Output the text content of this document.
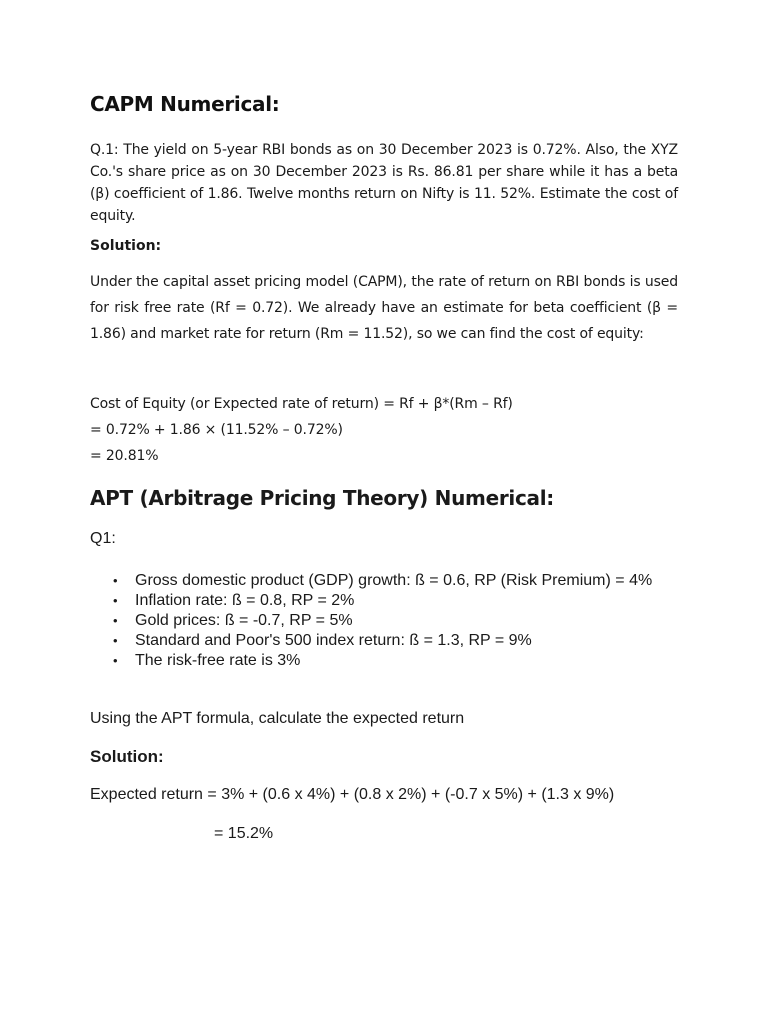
CAPM Numerical:

Q.1: The yield on 5-year RBI bonds as on 30 December 2023 is 0.72%. Also, the XYZ Co.'s share price as on 30 December 2023 is Rs. 86.81 per share while it has a beta (β) coefficient of 1.86. Twelve months return on Nifty is 11. 52%. Estimate the cost of equity.

Solution:

Under the capital asset pricing model (CAPM), the rate of return on RBI bonds is used for risk free rate (Rf = 0.72). We already have an estimate for beta coefficient (β = 1.86) and market rate for return (Rm = 11.52), so we can find the cost of equity:

Cost of Equity (or Expected rate of return) = Rf + β*(Rm – Rf)
= 0.72% + 1.86 × (11.52% – 0.72%)
= 20.81%
APT (Arbitrage Pricing Theory) Numerical:

Q1:

• Gross domestic product (GDP) growth: ß = 0.6, RP (Risk Premium) = 4%
• Inflation rate: ß = 0.8, RP = 2%
• Gold prices: ß = -0.7, RP = 5%
• Standard and Poor's 500 index return: ß = 1.3, RP = 9%
• The risk-free rate is 3%

Using the APT formula, calculate the expected return

Solution:

Expected return = 3% + (0.6 x 4%) + (0.8 x 2%) + (-0.7 x 5%) + (1.3 x 9%)

= 15.2%
